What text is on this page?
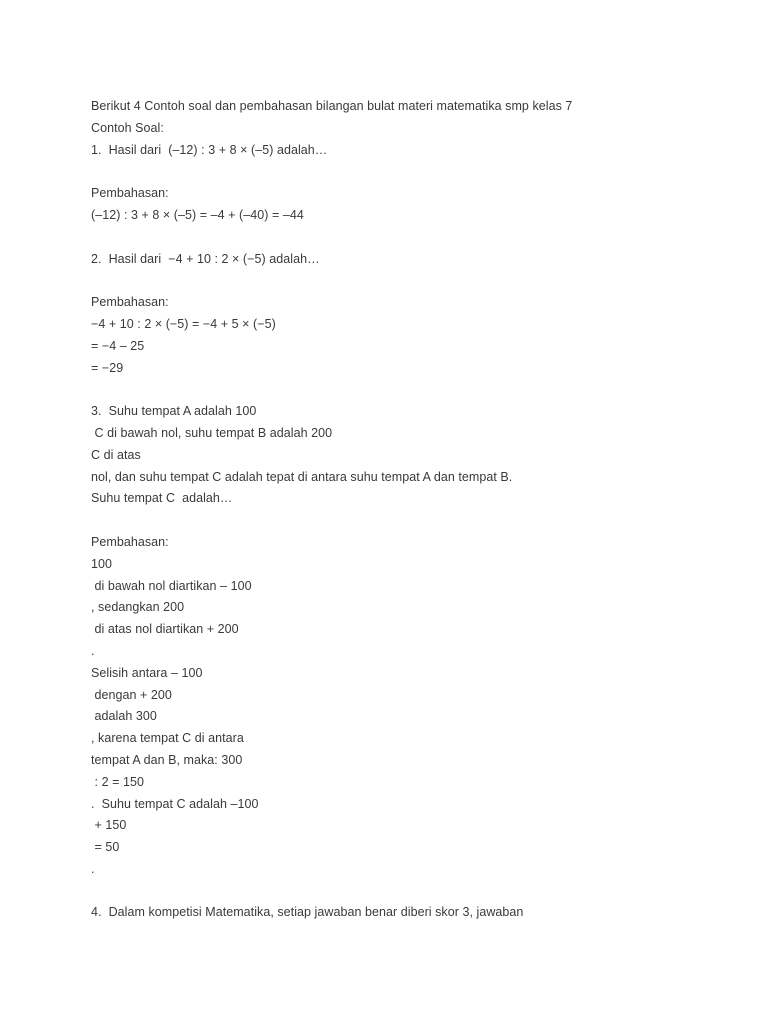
Berikut 4 Contoh soal dan pembahasan bilangan bulat materi matematika smp kelas 7
Contoh Soal:
1.  Hasil dari  (–12) : 3 + 8 × (–5) adalah…
Pembahasan:
(–12) : 3 + 8 × (–5) = –4 + (–40) = –44
2.  Hasil dari  −4 + 10 : 2 × (−5) adalah…
Pembahasan:
−4 + 10 : 2 × (−5) = −4 + 5 × (−5)
= −4 – 25
= −29
3.  Suhu tempat A adalah 100
C di bawah nol, suhu tempat B adalah 200
C di atas
nol, dan suhu tempat C adalah tepat di antara suhu tempat A dan tempat B.
Suhu tempat C  adalah…
Pembahasan:
100
di bawah nol diartikan – 100
, sedangkan 200
di atas nol diartikan + 200
.
Selisih antara – 100
dengan + 200
adalah 300
, karena tempat C di antara
tempat A dan B, maka: 300
: 2 = 150
.  Suhu tempat C adalah –100
+ 150
= 50
.
4.  Dalam kompetisi Matematika, setiap jawaban benar diberi skor 3, jawaban
